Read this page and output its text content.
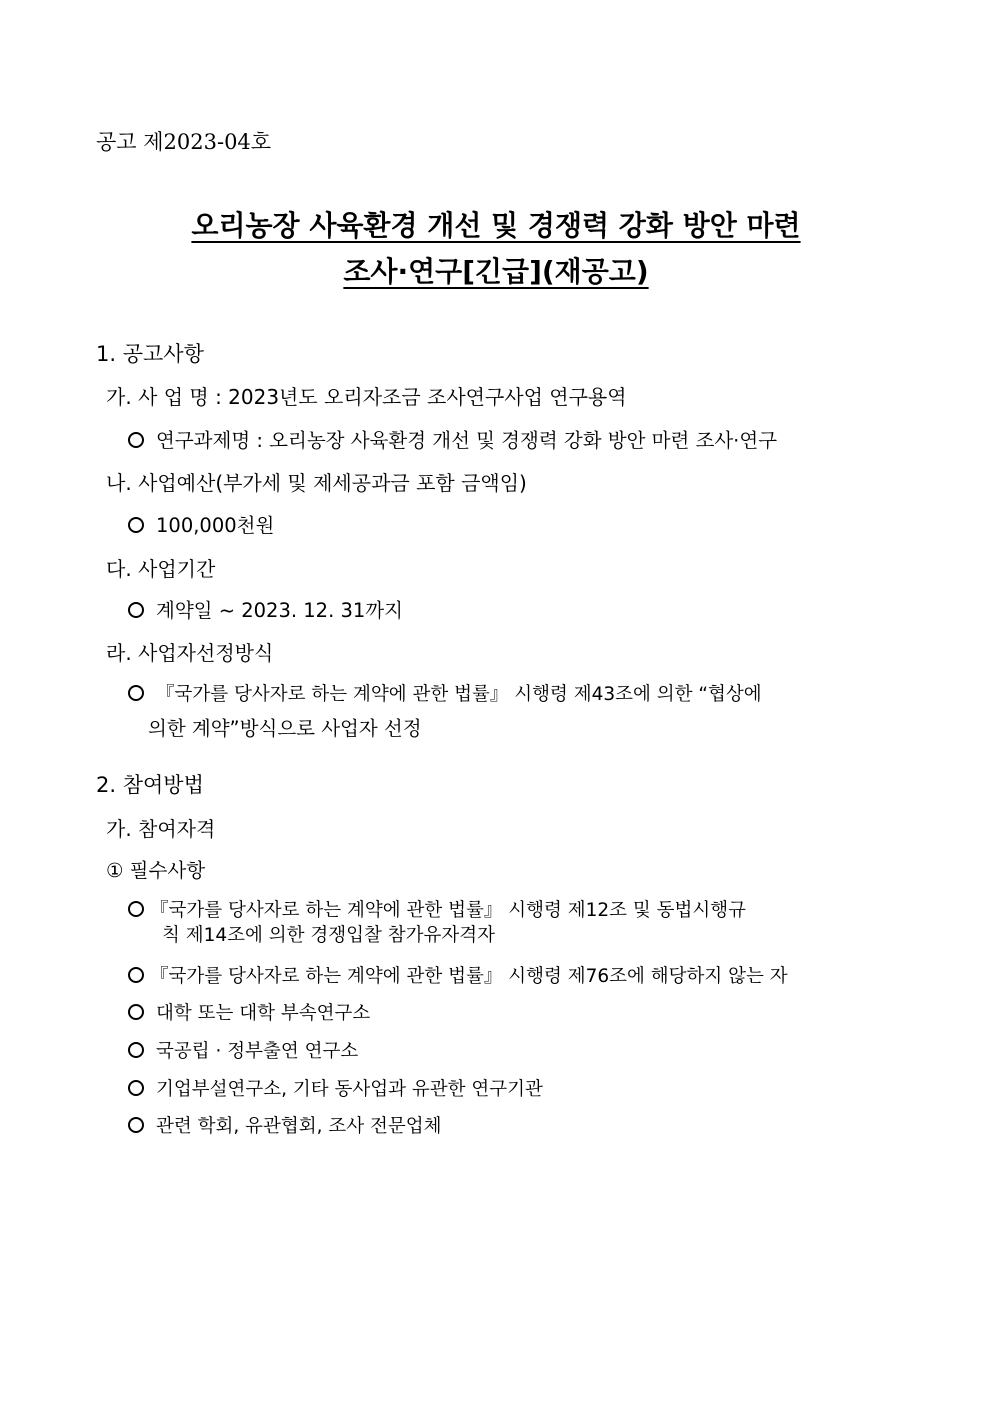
공고 제2023-04호
오리농장 사육환경 개선 및 경쟁력 강화 방안 마련
조사·연구[긴급](재공고)
1. 공고사항
가. 사 업 명 : 2023년도 오리자조금 조사연구사업 연구용역
연구과제명 : 오리농장 사육환경 개선 및 경쟁력 강화 방안 마련 조사·연구
나. 사업예산(부가세 및 제세공과금 포함 금액임)
100,000천원
다. 사업기간
계약일 ~ 2023. 12. 31까지
라. 사업자선정방식
『국가를 당사자로 하는 계약에 관한 법률』 시행령 제43조에 의한 “협상에
의한 계약”방식으로 사업자 선정
2. 참여방법
가. 참여자격
① 필수사항
『국가를 당사자로 하는 계약에 관한 법률』 시행령 제12조 및 동법시행규
칙 제14조에 의한 경쟁입찰 참가유자격자
『국가를 당사자로 하는 계약에 관한 법률』 시행령 제76조에 해당하지 않는 자
대학 또는 대학 부속연구소
국공립 · 정부출연 연구소
기업부설연구소, 기타 동사업과 유관한 연구기관
관련 학회, 유관협회, 조사 전문업체
